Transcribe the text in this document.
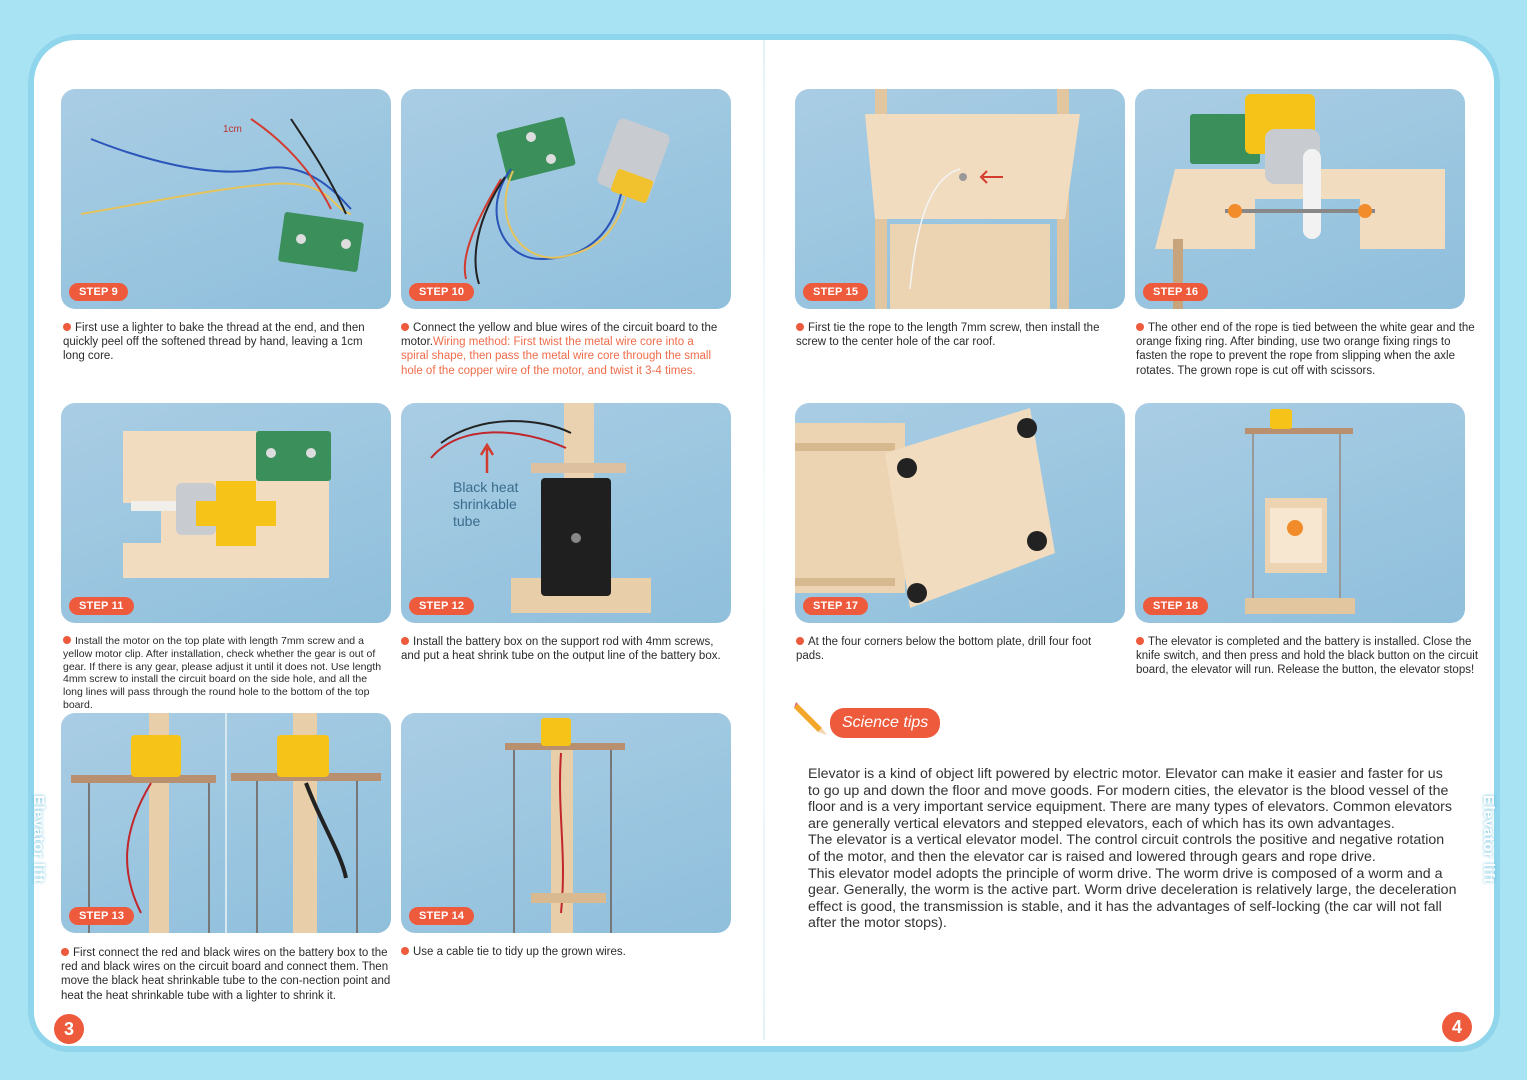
Elevator lift	Elevator lift
1cm
STEP 9
First use a lighter to bake the thread at the end, and then quickly peel off the softened thread by hand, leaving a 1cm long core.
STEP 10
Connect the yellow and blue wires of the circuit board to the motor.Wiring method: First twist the metal wire core into a spiral shape, then pass the metal wire core through the small hole of the copper wire of the motor, and twist it 3-4 times.
STEP 11
Install the motor on the top plate with length 7mm screw and a yellow motor clip. After installation, check whether the gear is out of gear. If there is any gear, please adjust it until it does not. Use length 4mm screw to install the circuit board on the side hole, and all the long lines will pass through the round hole to the bottom of the top board.
Black heat shrinkable tube
STEP 12
Install the battery box on the support rod with 4mm screws, and put a heat shrink tube on the output line of the battery box.
STEP 13
First connect the red and black wires on the battery box to the red and black wires on the circuit board and connect them. Then move the black heat shrinkable tube to the con-nection point and heat the heat shrinkable tube with a lighter to shrink it.
STEP 14
Use a cable tie to tidy up the grown wires.
STEP 15
First tie the rope to the length 7mm screw, then install the screw to the center hole of the car roof.
STEP 16
The other end of the rope is tied between the white gear and the orange fixing ring. After binding, use two orange fixing rings to fasten the rope to prevent the rope from slipping when the axle rotates. The grown rope is cut off with scissors.
STEP 17
At the four corners below the bottom plate, drill four foot pads.
STEP 18
The elevator is completed and the battery is installed. Close the knife switch, and then press and hold the black button on the circuit board, the elevator will run. Release the button, the elevator stops!
Science tips

Elevator is a kind of object lift powered by electric motor. Elevator can make it easier and faster for us to go up and down the floor and move goods. For modern cities, the elevator is the blood vessel of the floor and is a very important service equipment. There are many types of elevators. Common elevators are generally vertical elevators and stepped elevators, each of which has its own advantages.

The elevator is a vertical elevator model. The control circuit controls the positive and negative rotation of the motor, and then the elevator car is raised and lowered through gears and rope drive.

This elevator model adopts the principle of worm drive. The worm drive is composed of a worm and a gear. Generally, the worm is the active part. Worm drive deceleration is relatively large, the deceleration effect is good, the transmission is stable, and it has the advantages of self-locking (the car will not fall after the motor stops).

3	4
